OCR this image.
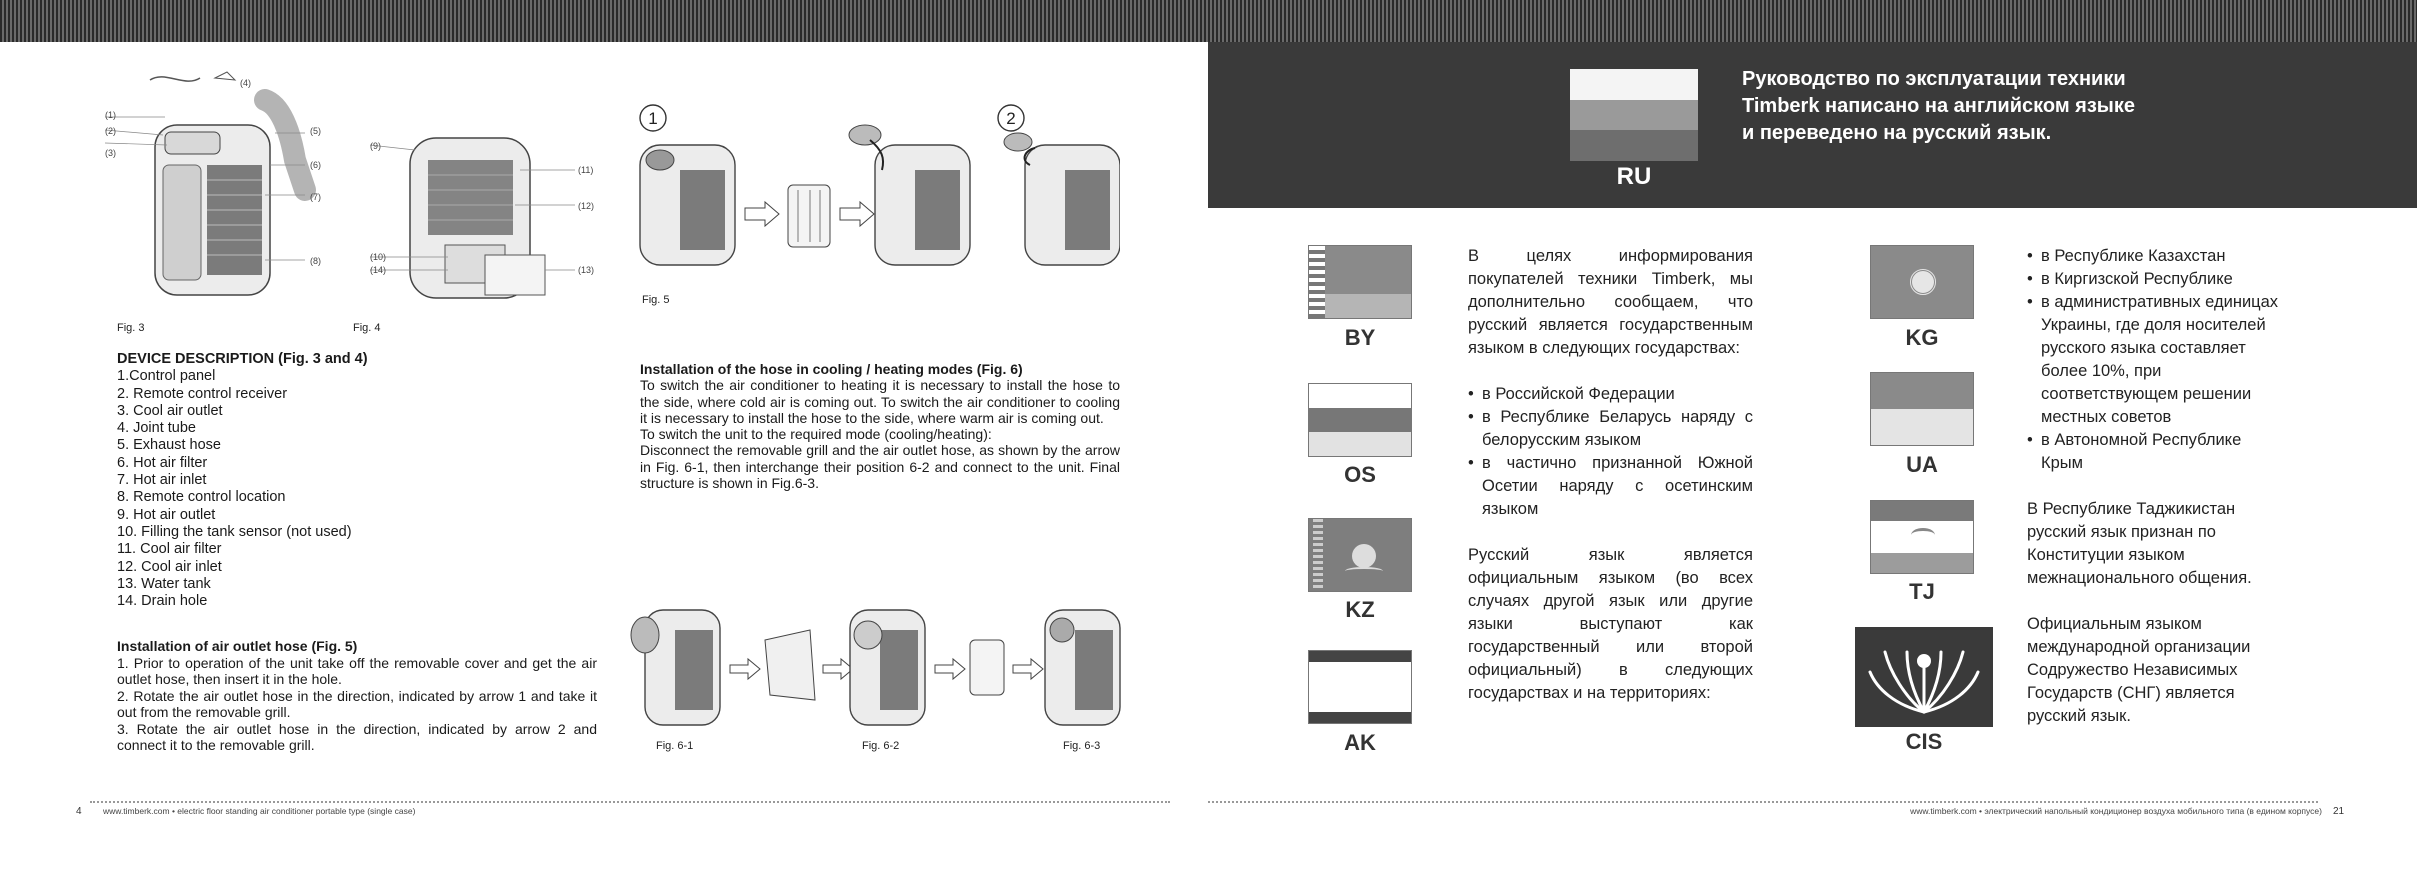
RU
Руководство по эксплуатации техники Timberk написано на английском языке и переведено на русский язык.
(1)
(2)
(3)
(4)
(5)
(6)
(7)
(8)
Fig. 3
(9)
(10)
(11)
(12)
(13)
(14)
Fig. 4
DEVICE DESCRIPTION (Fig. 3 and 4)
1.Control panel
2. Remote control receiver
3. Cool air outlet
4. Joint tube
5. Exhaust hose
6. Hot air filter
7. Hot air inlet
8. Remote control location
9. Hot air outlet
10. Filling the tank sensor (not used)
11. Cool air filter
12. Cool air inlet
13. Water tank
14. Drain hole
Installation of air outlet hose (Fig. 5)
1. Prior to operation of the unit take off the removable cover and get the air outlet hose, then insert it in the hole.
2. Rotate the air outlet hose in the direction, indicated by arrow 1 and take it out from the removable grill.
3. Rotate the air outlet hose in the direction, indicated by arrow 2 and connect it to the removable grill.
1	2
Fig. 5
Installation of the hose in cooling / heating modes (Fig. 6)
To switch the air conditioner to heating it is necessary to install the hose to the side, where cold air is coming out. To switch the air conditioner to cooling it is necessary to install the hose to the side, where warm air is coming out.
To switch the unit to the required mode (cooling/heating):
Disconnect the removable grill and the air outlet hose, as shown by the arrow in Fig. 6-1, then interchange their position 6-2 and connect to the unit. Final structure is shown in Fig.6-3.
Fig. 6-1	Fig. 6-2	Fig. 6-3
BY
OS
KZ
AK
В целях информирования покупателей техники Timberk, мы дополнительно сообщаем, что русский является государственным языком в следующих государствах:
• в Российской Федерации
• в Республике Беларусь наряду с белорусским языком
• в частично признанной Южной Осетии наряду с осетинским языком
Русский язык является официальным языком (во всех случаях другой язык или другие языки выступают как государственный или второй официальный) в следующих государствах и на территориях:
KG
UA
TJ
CIS
• в Республике Казахстан
• в Киргизской Республике
• в административных единицах Украины, где доля носителей русского языка составляет более 10%, при соответствующем решении местных советов
• в Автономной Республике Крым
В Республике Таджикистан русский язык признан по Конституции языком межнационального общения.
Официальным языком международной организации Содружество Независимых Государств (СНГ) является русский язык.
4	www.timberk.com • electric floor standing air conditioner portable type (single case)	www.timberk.com • электрический напольный кондиционер воздуха мобильного типа (в едином корпусе) 21
